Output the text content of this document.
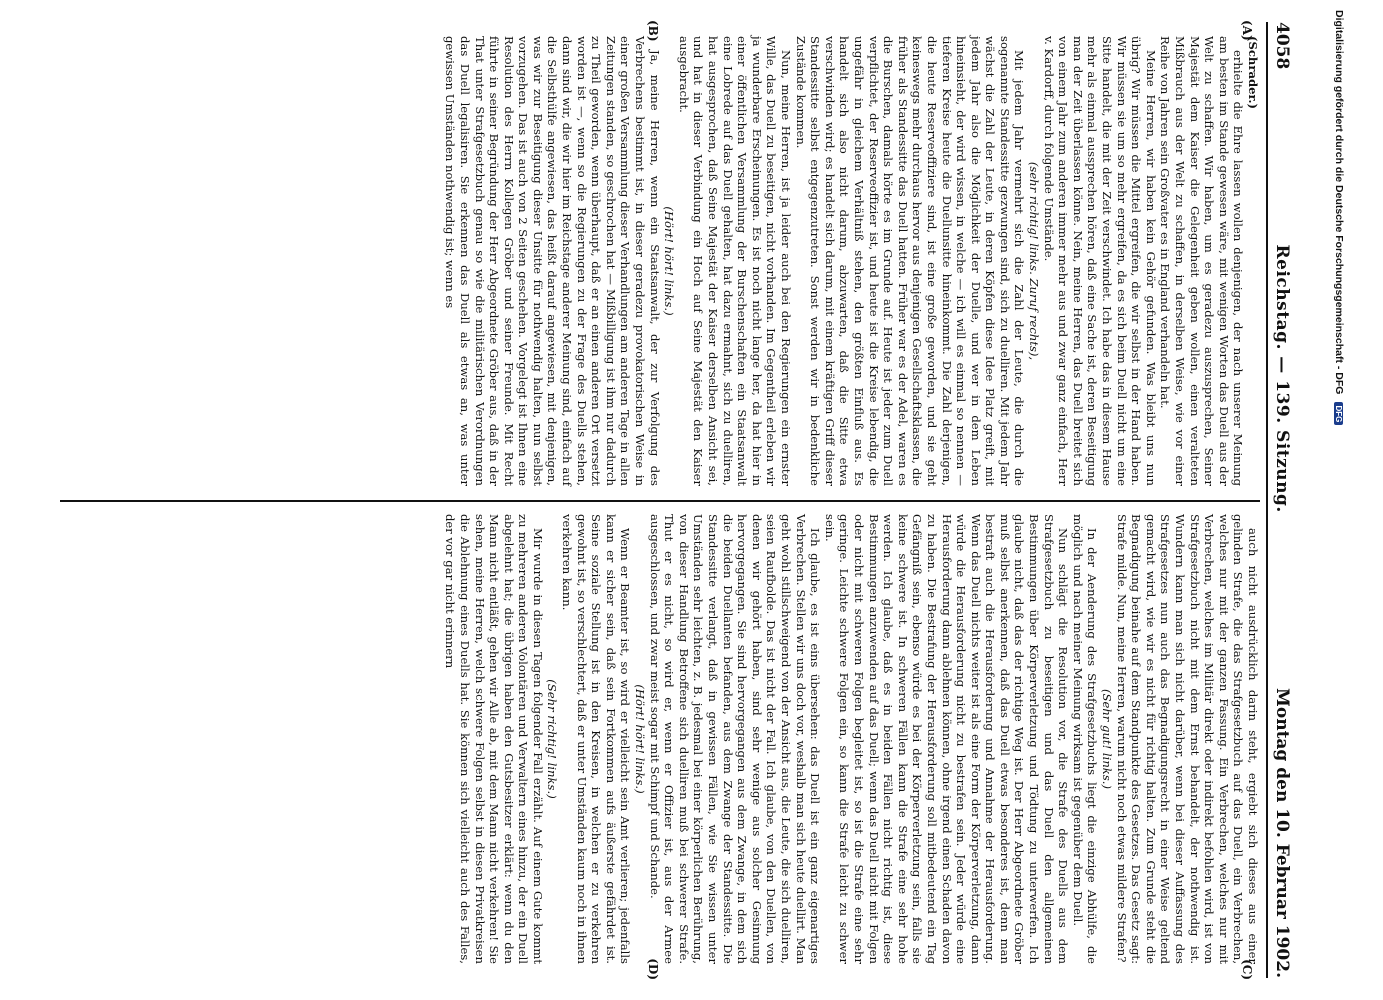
4058
Reichstag. — 139. Sitzung.
Montag den 10. Februar 1902.
(A)
(B)
(C)
(D)

(Schrader.)

erhielte die Ehre lassen wollen denjenigen, der nach unserer Meinung am besten im Stande gewesen wäre, mit wenigen Worten das Duell aus der Welt zu schaffen. Wir haben, um es geradezu auszusprechen, Seiner Majestät dem Kaiser die Gelegenheit geben wollen, einen veralteten Mißbrauch aus der Welt zu schaffen, in derselben Weise, wie vor einer Reihe von Jahren sein Großvater es in England verhandeln hat.

Meine Herren, wir haben kein Gehör gefunden. Was bleibt uns nun übrig? Wir müssen die Mittel ergreifen, die wir selbst in der Hand haben. Wir müssen sie um so mehr ergreifen, da es sich beim Duell nicht um eine Sitte handelt, die mit der Zeit verschwindet. Ich habe das in diesem Hause mehr als einmal aussprechen hören, daß eine Sache ist, deren Beseitigung man der Zeit überlassen könne. Nein, meine Herren, das Duell breitet sich von einem Jahr zum anderen immer mehr aus und zwar ganz einfach, Herr v. Kardorff, durch folgende Umstände.

(sehr richtig! links. Zuruf rechts),

Mit jedem Jahr vermehrt sich die Zahl der Leute, die durch die sogenannte Standessitte gezwungen sind, sich zu duelliren. Mit jedem Jahr wächst die Zahl der Leute, in deren Köpfen diese Idee Platz greift, mit jedem Jahr also die Möglichkeit der Duelle, und wer in dem Leben hineinsieht, der wird wissen, in welche — ich will es einmal so nennen — tieferen Kreise heute die Duellunsitte hineinkommt. Die Zahl derjenigen, die heute Reserveoffiziere sind, ist eine große geworden, und sie geht keineswegs mehr durchaus hervor aus denjenigen Gesellschaftsklassen, die früher als Standessitte das Duell hatten. Früher war es der Adel, waren es die Burschen, damals hörte es im Grunde auf. Heute ist jeder zum Duell verpflichtet, der Reserveoffizier ist, und heute ist die Kreise lebendig, die ungefähr in gleichem Verhältniß stehen, den größten Einfluß aus. Es handelt sich also nicht darum, abzuwarten, daß die Sitte etwa verschwinden wird; es handelt sich darum, mit einem kräftigen Griff dieser Standessitte selbst entgegenzutreten. Sonst werden wir in bedenkliche Zustände kommen.

Nun, meine Herren, ist ja leider auch bei den Regierungen ein ernster Wille, das Duell zu beseitigen, nicht vorhanden. Im Gegentheil erleben wir ja wunderbare Erscheinungen. Es ist noch nicht lange her, da hat hier in einer öffentlichen Versammlung der Burschenschaften ein Staatsanwalt eine Lobrede auf das Duell gehalten, hat dazu ermahnt, sich zu duelliren, hat ausgesprochen, daß Seine Majestät der Kaiser derselben Ansicht sei, und hat in dieser Verbindung ein Hoch auf Seine Majestät den Kaiser ausgebracht.

(Hört! hört! links.)

Ja, meine Herren, wenn ein Staatsanwalt, der zur Verfolgung des Verbrechens bestimmt ist, in dieser geradezu provokatorischen Weise in einer großen Versammlung dieser Verhandlungen am anderen Tage in allen Zeitungen standen, so geschrochen hat — Mißbilligung ist ihm nur dadurch zu Theil geworden, wenn überhaupt, daß er an einen anderen Ort versetzt worden ist —, wenn so die Regierungen zu der Frage des Duells stehen, dann sind wir, die wir hier im Reichstage anderer Meinung sind, einfach auf die Selbsthülfe angewiesen, das heißt darauf angewiesen, mit denjenigen, was wir zur Beseitigung dieser Unsitte für nothwendig halten, nun selbst vorzugehen. Das ist auch von 2 Seiten geschehen. Vorgelegt ist Ihnen eine Resolution des Herrn Kollegen Gröber und seiner Freunde. Mit Recht führte in seiner Begründung der Herr Abgeordnete Gröber aus, daß in der That unter Strafgesetzbuch genau so wie die militärischen Verordnungen das Duell legalisiren. Sie erkennen das Duell als etwas an, was unter gewissen Umständen nothwendig ist; wenn es

auch nicht ausdrücklich darin steht, ergiebt sich dieses aus einer gelinden Strafe, die das Strafgesetzbuch auf das Duell, ein Verbrechen, welches nur mit der ganzen Fassung. Ein Verbrechen, welches nur mit Verbrechen, welches im Militär direkt oder indirekt befohlen wird, ist von Strafgesetzbuch nicht mit dem Ernst behandelt, der nothwendig ist. Wundern kann man sich nicht darüber, wenn bei dieser Auffassung des Strafgesetzes nun auch das Begnadigungsrecht in einer Weise geltend gemacht wird, wie wir es nicht für richtig halten. Zum Grunde steht die Begnadigung beinahe auf dem Standpunkte des Gesetzes. Das Gesetz sagt: Strafe milde. Nun, meine Herren, warum nicht noch etwas mildere Strafen?

(Sehr gut! links.)

In der Aenderung des Strafgesetzbuchs liegt die einzige Abhülfe, die möglich und nach meiner Meinung wirksam ist gegenüber dem Duell.

Nun schlägt die Resolution vor, die Strafe des Duells aus dem Strafgesetzbuch zu beseitigen und das Duell den allgemeinen Bestimmungen über Körperverletzung und Tödtung zu unterwerfen. Ich glaube nicht, daß das der richtige Weg ist. Der Herr Abgeordnete Gröber muß selbst anerkennen, daß das Duell etwas besonderes ist, denn man bestraft auch die Herausforderung und Annahme der Herausforderung. Wenn das Duell nichts weiter ist als eine Form der Körperverletzung, dann würde die Herausforderung nicht zu bestrafen sein. Jeder würde eine Herausforderung dann ablehnen können, ohne irgend einen Schaden davon zu haben. Die Bestrafung der Herausforderung soll mitbedeutend ein Tag Gefängniß sein, ebenso würde es bei der Körperverletzung sein, falls sie keine schwere ist. In schweren Fällen kann die Strafe eine sehr hohe werden. Ich glaube, daß es in beiden Fällen nicht richtig ist, diese Bestimmungen anzuwenden auf das Duell; wenn das Duell nicht mit Folgen oder nicht mit schweren Folgen begleitet ist, so ist die Strafe eine sehr geringe. Leichte schwere Folgen ein, so kann die Strafe leicht zu schwer sein.

Ich glaube, es ist eins übersehen: das Duell ist ein ganz eigenartiges Verbrechen. Stellen wir uns doch vor, weshalb man sich heute duellirt. Man geht wohl stillschweigend von der Ansicht aus, die Leute, die sich duelliren, seien Raufbolde. Das ist nicht der Fall. Ich glaube, von den Duellen, von denen wir gehört haben, sind sehr wenige aus solcher Gesinnung hervorgegangen. Sie sind hervorgegangen aus dem Zwange, in dem sich die beiden Duellanten befanden, aus dem Zwange der Standessitte. Die Standessitte verlangt, daß in gewissen Fällen, wie Sie wissen unter Umständen sehr leichten, z. B. jedesmal bei einer körperlichen Berührung, von dieser Handlung Betroffene sich duelliren muß bei schwerer Strafe. Thut er es nicht, so wird er, wenn er Offizier ist, aus der Armee ausgeschlossen, und zwar meist sogar mit Schimpf und Schande.

(Hört! hört! links.)

Wenn er Beamter ist, so wird er vielleicht sein Amt verlieren; jedenfalls kann er sicher sein, daß sein Fortkommen aufs äußerste gefährdet ist. Seine soziale Stellung ist in den Kreisen, in welchen er zu verkehren gewohnt ist, so verschlechtert, daß er unter Umständen kaum noch in ihnen verkehren kann.

(Sehr richtig! links.)

Mir wurde in diesen Tagen folgender Fall erzählt. Auf einem Gute kommt zu mehreren anderen Volontären und Verwaltern eines hinzu, der ein Duell abgelehnt hat; die übrigen haben den Gutsbesitzer erklärt: wenn du den Mann nicht entläßt, gehen wir Alle ab, mit dem Mann nicht verkehren! Sie sehen, meine Herren, welch schwere Folgen selbst in diesen Privatkreisen die Ablehnung eines Duells hat. Sie können sich vielleicht auch des Falles, der vor gar nicht erinnern

Digitalisierung gefördert durch die Deutsche Forschungsgemeinschaft - DFGDFG
